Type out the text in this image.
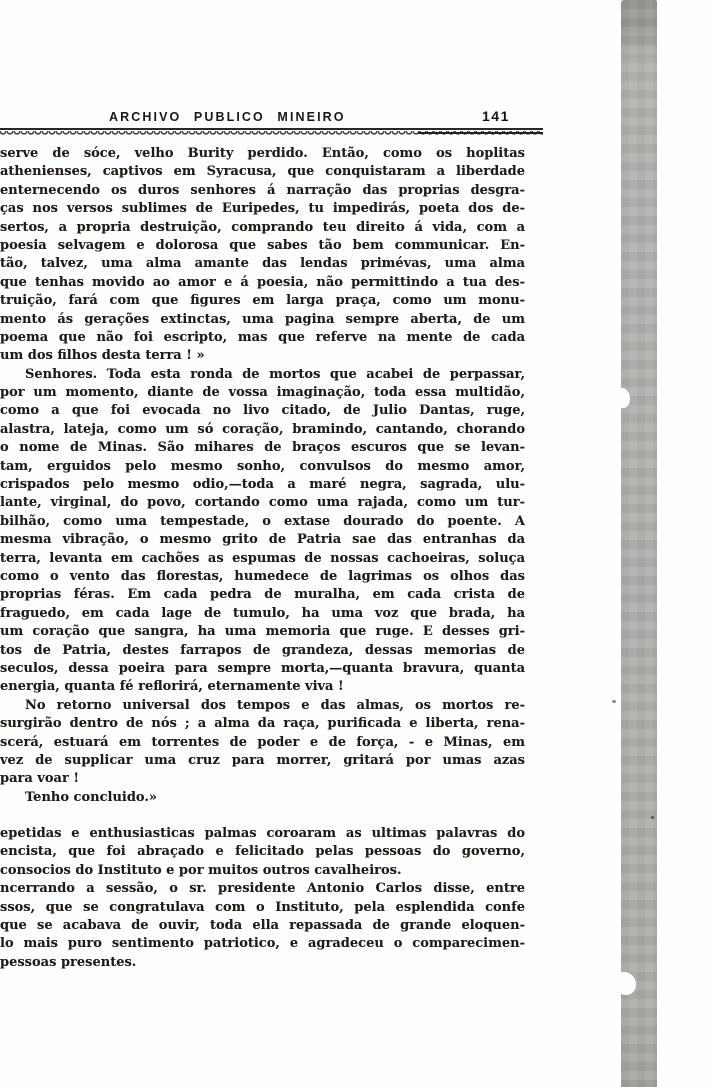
ARCHIVO PUBLICO MINEIRO	141
serve de sóce, velho Burity perdido. Então, como os hoplitas
athenienses, captivos em Syracusa, que conquistaram a liberdade
enternecendo os duros senhores á narração das proprias desgra-
ças nos versos sublimes de Euripedes, tu impedirás, poeta dos de-
sertos, a propria destruição, comprando teu direito á vida, com a
poesia selvagem e dolorosa que sabes tão bem communicar. En-
tão, talvez, uma alma amante das lendas primévas, uma alma
que tenhas movido ao amor e á poesia, não permittindo a tua des-
truição, fará com que figures em larga praça, como um monu-
mento ás gerações extinctas, uma pagina sempre aberta, de um
poema que não foi escripto, mas que referve na mente de cada
um dos filhos desta terra ! »
Senhores. Toda esta ronda de mortos que acabei de perpassar,
por um momento, diante de vossa imaginação, toda essa multidão,
como a que foi evocada no livo citado, de Julio Dantas, ruge,
alastra, lateja, como um só coração, bramindo, cantando, chorando
o nome de Minas. São mihares de braços escuros que se levan-
tam, erguidos pelo mesmo sonho, convulsos do mesmo amor,
crispados pelo mesmo odio,—toda a maré negra, sagrada, ulu-
lante, virginal, do povo, cortando como uma rajada, como um tur-
bilhão, como uma tempestade, o extase dourado do poente. A
mesma vibração, o mesmo grito de Patria sae das entranhas da
terra, levanta em cachões as espumas de nossas cachoeiras, soluça
como o vento das florestas, humedece de lagrimas os olhos das
proprias féras. Em cada pedra de muralha, em cada crista de
fraguedo, em cada lage de tumulo, ha uma voz que brada, ha
um coração que sangra, ha uma memoria que ruge. E desses gri-
tos de Patria, destes farrapos de grandeza, dessas memorias de
seculos, dessa poeira para sempre morta,—quanta bravura, quanta
energia, quanta fé reflorirá, eternamente viva !
No retorno universal dos tempos e das almas, os mortos re-
surgirão dentro de nós ; a alma da raça, purificada e liberta, rena-
scerá, estuará em torrentes de poder e de força, - e Minas, em
vez de supplicar uma cruz para morrer, gritará por umas azas
para voar !
Tenho concluido.»
epetidas e enthusiasticas palmas coroaram as ultimas palavras do
encista, que foi abraçado e felicitado pelas pessoas do governo,
consocios do Instituto e por muitos outros cavalheiros.
ncerrando a sessão, o sr. presidente Antonio Carlos disse, entre
ssos, que se congratulava com o Instituto, pela esplendida confe
que se acabava de ouvir, toda ella repassada de grande eloquen-
lo mais puro sentimento patriotico, e agradeceu o comparecimen-
pessoas presentes.
